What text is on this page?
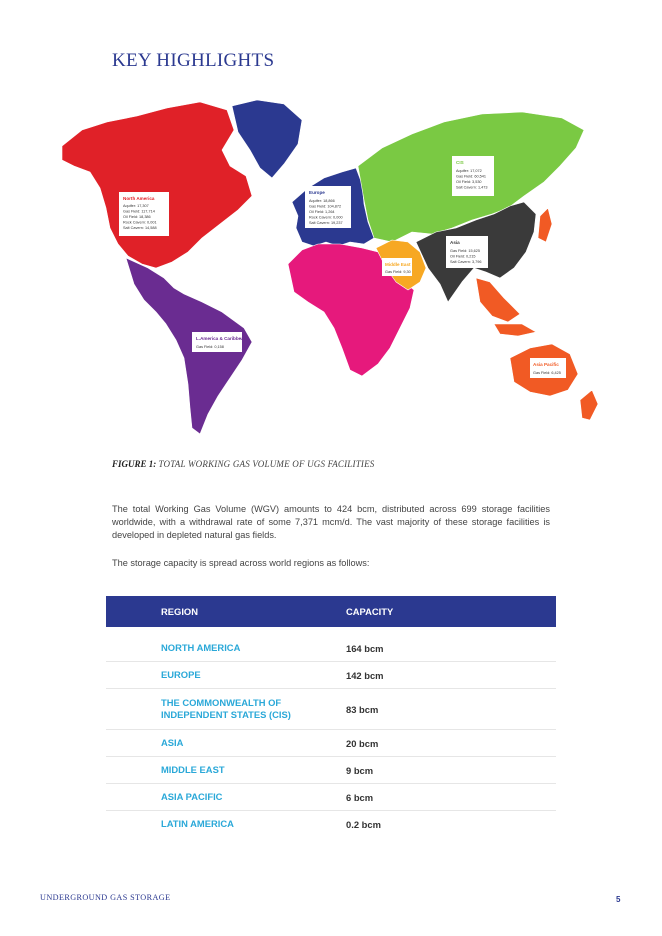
KEY HIGHLIGHTS
North America
Aquifer: 17,307
Gas Field: 117,714
Oil Field: 18,386
Rock Cavern: 0,001
Salt Cavern: 14,588
Europe
Aquifer: 18,866
Gas Field: 104,872
Oil Field: 1,264
Rock Cavern: 0,000
Salt Cavern: 19,237
CIS
Aquifer: 17,072
Gas Field: 60,541
Oil Field: 3,530
Salt Cavern: 1,473
Middle East
Gas Field: 9,30
Asia
Gas Field: 15,625
Oil Field: 0,215
Salt Cavern: 3,796
L.America & Caribbean
Gas Field: 0,158
Asia Pacific
Gas Field: 6,425
FIGURE 1: TOTAL WORKING GAS VOLUME OF UGS FACILITIES

The total Working Gas Volume (WGV) amounts to 424 bcm, distributed across 699 storage facilities worldwide, with a withdrawal rate of some 7,371 mcm/d. The vast majority of these storage facilities is developed in depleted natural gas fields.

The storage capacity is spread across world regions as follows:

REGION	CAPACITY
NORTH AMERICA	164 bcm
EUROPE	142 bcm
THE COMMONWEALTH OF INDEPENDENT STATES (CIS)	83 bcm
ASIA	20 bcm
MIDDLE EAST	9 bcm
ASIA PACIFIC	6 bcm
LATIN AMERICA	0.2 bcm
UNDERGROUND GAS STORAGE	5
